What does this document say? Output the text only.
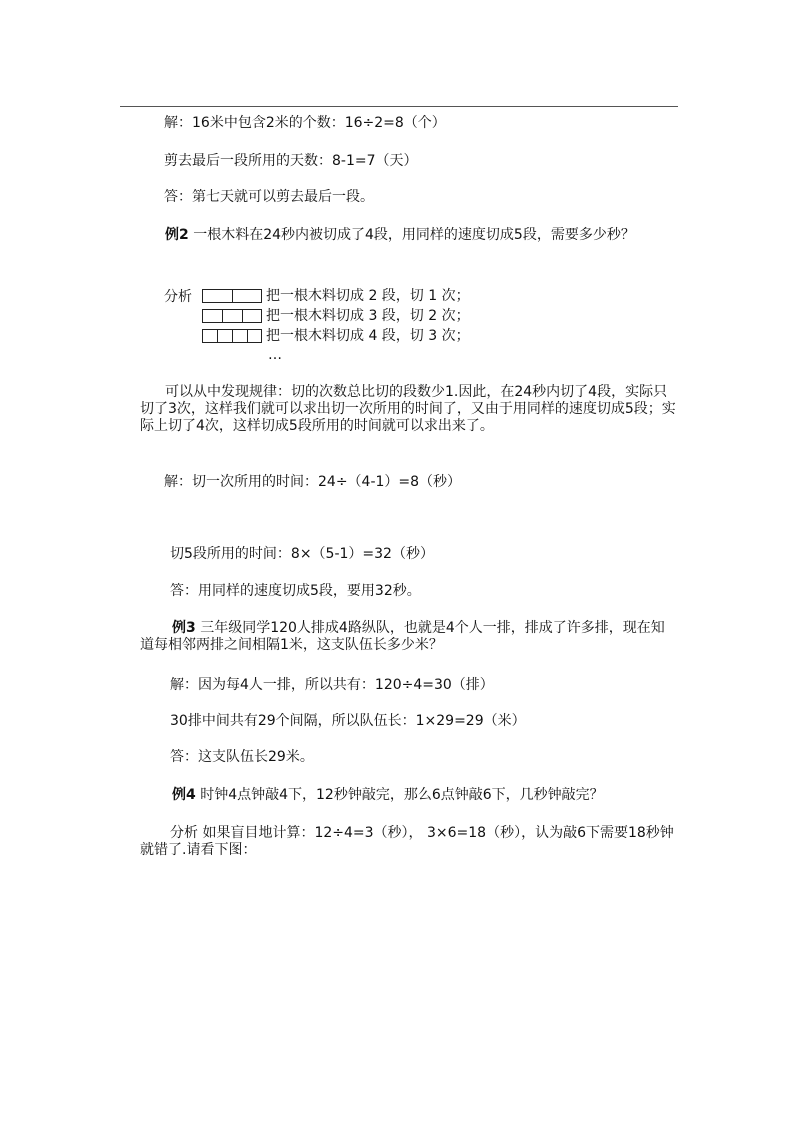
解：16米中包含2米的个数：16÷2=8（个）

剪去最后一段所用的天数：8-1=7（天）

答：第七天就可以剪去最后一段。

例2 一根木料在24秒内被切成了4段，用同样的速度切成5段，需要多少秒？

分析	把一根木料切成 2 段，切 1 次；

把一根木料切成 3 段，切 2 次；

把一根木料切成 4 段，切 3 次；

…

可以从中发现规律：切的次数总比切的段数少1.因此，在24秒内切了4段，实际只切了3次，这样我们就可以求出切一次所用的时间了，又由于用同样的速度切成5段；实际上切了4次，这样切成5段所用的时间就可以求出来了。

解：切一次所用的时间：24÷（4-1）=8（秒）

切5段所用的时间：8×（5-1）=32（秒）

答：用同样的速度切成5段，要用32秒。

例3 三年级同学120人排成4路纵队，也就是4个人一排，排成了许多排，现在知道每相邻两排之间相隔1米，这支队伍长多少米？

解：因为每4人一排，所以共有：120÷4=30（排）

30排中间共有29个间隔，所以队伍长：1×29=29（米）

答：这支队伍长29米。

例4 时钟4点钟敲4下，12秒钟敲完，那么6点钟敲6下，几秒钟敲完？

分析 如果盲目地计算：12÷4=3（秒）， 3×6=18（秒），认为敲6下需要18秒钟就错了.请看下图：
